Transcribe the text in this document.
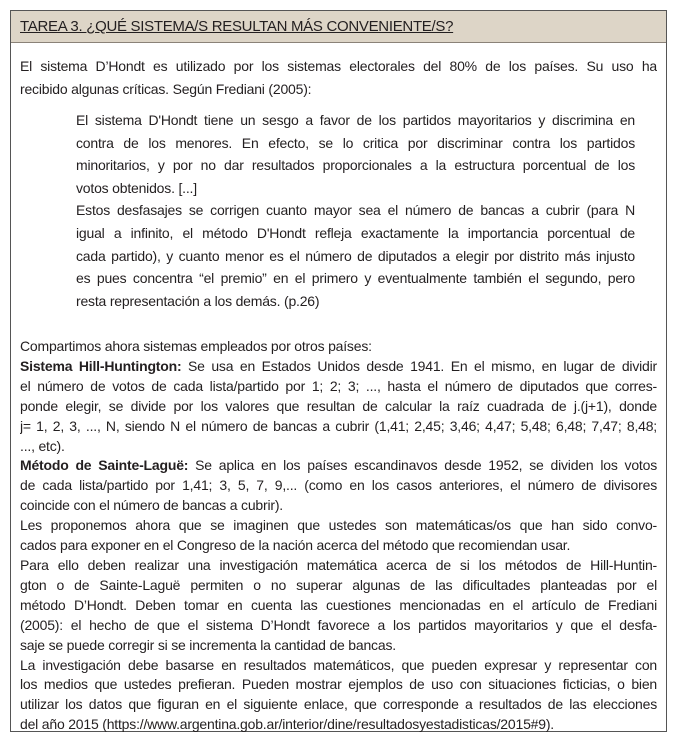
TAREA 3. ¿QUÉ SISTEMA/S RESULTAN MÁS CONVENIENTE/S?
El sistema D’Hondt es utilizado por los sistemas electorales del 80% de los países. Su uso ha
recibido algunas críticas. Según Frediani (2005):
El sistema D'Hondt tiene un sesgo a favor de los partidos mayoritarios y discrimina en
contra de los menores. En efecto, se lo critica por discriminar contra los partidos
minoritarios, y por no dar resultados proporcionales a la estructura porcentual de los
votos obtenidos. [...]
Estos desfasajes se corrigen cuanto mayor sea el número de bancas a cubrir (para N
igual a infinito, el método D'Hondt refleja exactamente la importancia porcentual de
cada partido), y cuanto menor es el número de diputados a elegir por distrito más injusto
es pues concentra “el premio” en el primero y eventualmente también el segundo, pero
resta representación a los demás. (p.26)
Compartimos ahora sistemas empleados por otros países:
Sistema Hill-Huntington: Se usa en Estados Unidos desde 1941. En el mismo, en lugar de dividir
el número de votos de cada lista/partido por 1; 2; 3; ..., hasta el número de diputados que corres-
ponde elegir, se divide por los valores que resultan de calcular la raíz cuadrada de j.(j+1), donde
j= 1, 2, 3, ..., N, siendo N el número de bancas a cubrir (1,41; 2,45; 3,46; 4,47; 5,48; 6,48; 7,47; 8,48;
..., etc).
Método de Sainte-Laguë: Se aplica en los países escandinavos desde 1952, se dividen los votos
de cada lista/partido por 1,41; 3, 5, 7, 9,... (como en los casos anteriores, el número de divisores
coincide con el número de bancas a cubrir).
Les proponemos ahora que se imaginen que ustedes son matemáticas/os que han sido convo-
cados para exponer en el Congreso de la nación acerca del método que recomiendan usar.
Para ello deben realizar una investigación matemática acerca de si los métodos de Hill-Huntin-
gton o de Sainte-Laguë permiten o no superar algunas de las dificultades planteadas por el
método D’Hondt. Deben tomar en cuenta las cuestiones mencionadas en el artículo de Frediani
(2005): el hecho de que el sistema D’Hondt favorece a los partidos mayoritarios y que el desfa-
saje se puede corregir si se incrementa la cantidad de bancas.
La investigación debe basarse en resultados matemáticos, que pueden expresar y representar con
los medios que ustedes prefieran. Pueden mostrar ejemplos de uso con situaciones ficticias, o bien
utilizar los datos que figuran en el siguiente enlace, que corresponde a resultados de las elecciones
del año 2015 (https://www.argentina.gob.ar/interior/dine/resultadosyestadisticas/2015#9).
